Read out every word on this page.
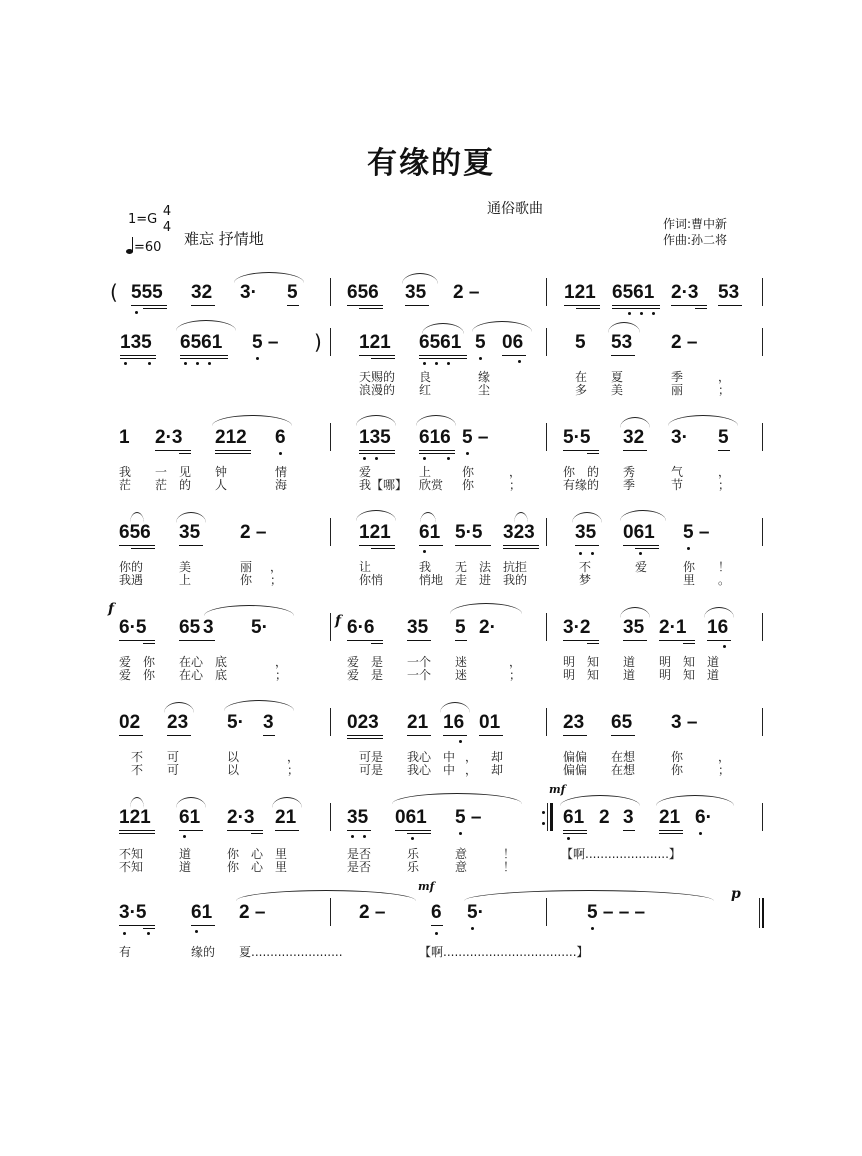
有缘的夏
通俗歌曲
作词:曹中新
作曲:孙二将
1=G
4
4
难忘 抒情地
=60
( 555 32 3· 5	656 35 2 –	121 6561 2·3 53
135 6561 5 – ) 121 6561 5 06	5 53 2 –
天赐的 良	缘	在 夏	季	，
浪漫的 红	尘	多 美	丽	；
1 2·3 212 6	135 616 5 –	5·5 32 3· 5
我 一 见 钟	情	爱	上	你	，	你 的 秀	气	，
茫 茫 的 人	海	我【哪】 欣赏 你	；	有缘的 季	节	；
656 35 2 –	121 61 5·5 323 35 061 5 –
你的	美	丽 ，	让	我 无 法 抗拒	不	爱	你 ！
我遇	上	你 ；	你悄	悄地 走 进 我的	梦	里 。
f
6·5 65 3 5·	f 6·6 35 5 2·	3·2 35 2·1 16
爱 你 在心 底	，	爱 是 一个 迷	，	明 知 道 明 知 道
爱 你 在心 底	；	爱 是 一个 迷	；	明 知 道 明 知 道
02 23 5· 3	023 21 16 01	23 65 3 –
不 可	以	，	可是 我心 中 ， 却	偏偏 在想	你	，
不 可	以	；	可是 我心 中 ， 却	偏偏 在想	你	；
121 61 2·3 21	35 061 5 –
mf
61 2 3 21 6·
不知	道	你 心 里	是否	乐	意	！	【啊......................】
不知	道	你 心 里	是否	乐	意	！
3·5 61 2 –	2 –
mf
6 5·	5 – – –
p
有	缘的 夏........................	【啊...................................】
